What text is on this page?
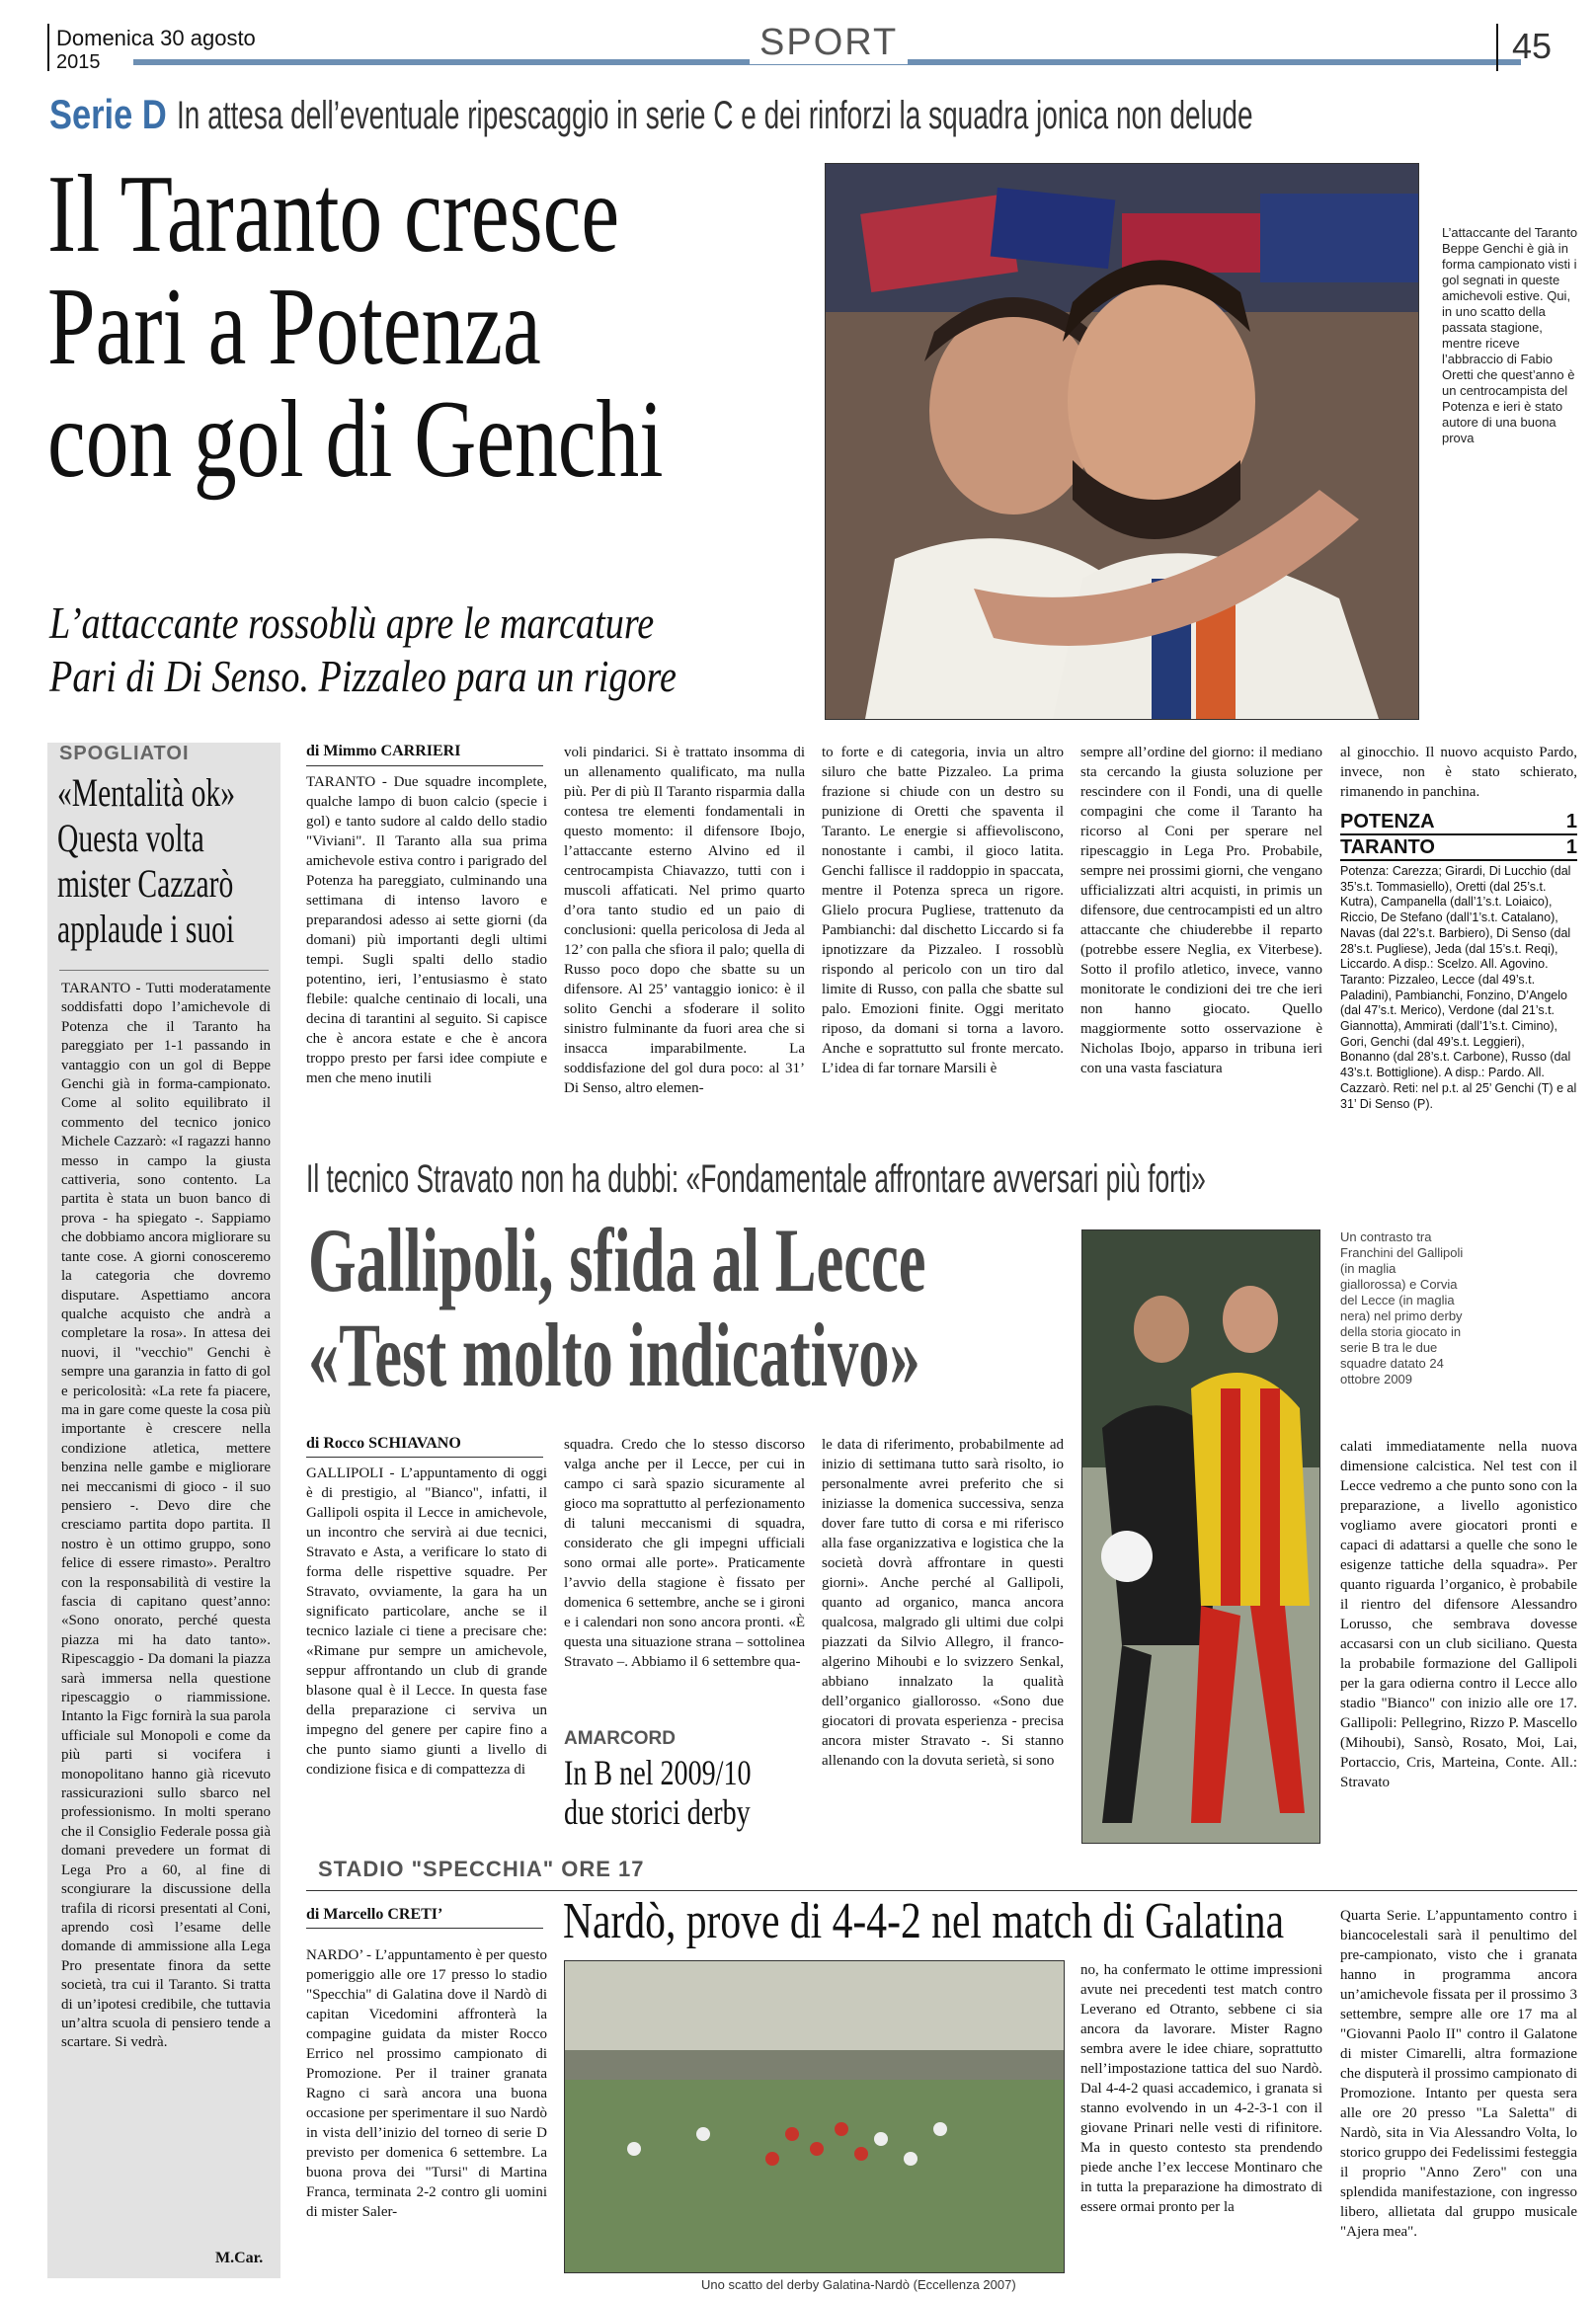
Domenica 30 agosto
2015	SPORT	45
Serie D In attesa dell’eventuale ripescaggio in serie C e dei rinforzi la squadra jonica non delude
Il Taranto cresce
Pari a Potenza
con gol di Genchi
L’attaccante rossoblù apre le marcature
Pari di Di Senso. Pizzaleo para un rigore
L’attaccante del Taranto Beppe Genchi è già in forma campionato visti i gol segnati in queste amichevoli estive. Qui, in uno scatto della passata stagione, mentre riceve l’abbraccio di Fabio Oretti che quest’anno è un centrocampista del Potenza e ieri è stato autore di una buona prova
SPOGLIATOI
«Mentalità ok»
Questa volta
mister Cazzarò
applaude i suoi
TARANTO - Tutti moderatamente soddisfatti dopo l’amichevole di Potenza che il Taranto ha pareggiato per 1-1 passando in vantaggio con un gol di Beppe Genchi già in forma-campionato. Come al solito equilibrato il commento del tecnico jonico Michele Cazzarò: «I ragazzi hanno messo in campo la giusta cattiveria, sono contento. La partita è stata un buon banco di prova - ha spiegato -. Sappiamo che dobbiamo ancora migliorare su tante cose. A giorni conosceremo la categoria che dovremo disputare. Aspettiamo ancora qualche acquisto che andrà a completare la rosa». In attesa dei nuovi, il "vecchio" Genchi è sempre una garanzia in fatto di gol e pericolosità: «La rete fa piacere, ma in gare come queste la cosa più importante è crescere nella condizione atletica, mettere benzina nelle gambe e migliorare nei meccanismi di gioco - il suo pensiero -. Devo dire che cresciamo partita dopo partita. Il nostro è un ottimo gruppo, sono felice di essere rimasto». Peraltro con la responsabilità di vestire la fascia di capitano quest’anno: «Sono onorato, perché questa piazza mi ha dato tanto». Ripescaggio - Da domani la piazza sarà immersa nella questione ripescaggio o riammissione. Intanto la Figc fornirà la sua parola ufficiale sul Monopoli e come da più parti si vocifera i monopolitano hanno già ricevuto rassicurazioni sullo sbarco nel professionismo. In molti sperano che il Consiglio Federale possa già domani prevedere un format di Lega Pro a 60, al fine di scongiurare la discussione della trafila di ricorsi presentati al Coni, aprendo così l’esame delle domande di ammissione alla Lega Pro presentate finora da sette società, tra cui il Taranto. Si tratta di un’ipotesi credibile, che tuttavia un’altra scuola di pensiero tende a scartare. Si vedrà.
M.Car.
di Mimmo CARRIERI
TARANTO - Due squadre incomplete, qualche lampo di buon calcio (specie i gol) e tanto sudore al caldo dello stadio "Viviani". Il Taranto alla sua prima amichevole estiva contro i parigrado del Potenza ha pareggiato, culminando una settimana di intenso lavoro e preparandosi adesso ai sette giorni (da domani) più importanti degli ultimi tempi. Sugli spalti dello stadio potentino, ieri, l’entusiasmo è stato flebile: qualche centinaio di locali, una decina di tarantini al seguito. Si capisce che è ancora estate e che è ancora troppo presto per farsi idee compiute e men che meno inutili
voli pindarici. Si è trattato insomma di un allenamento qualificato, ma nulla più. Per di più Il Taranto risparmia dalla contesa tre elementi fondamentali in questo momento: il difensore Ibojo, l’attaccante esterno Alvino ed il centrocampista Chiavazzo, tutti con i muscoli affaticati. Nel primo quarto d’ora tanto studio ed un paio di conclusioni: quella pericolosa di Jeda al 12’ con palla che sfiora il palo; quella di Russo poco dopo che sbatte su un difensore. Al 25’ vantaggio ionico: è il solito Genchi a sfoderare il solito sinistro fulminante da fuori area che si insacca imparabilmente. La soddisfazione del gol dura poco: al 31’ Di Senso, altro elemen-
to forte e di categoria, invia un altro siluro che batte Pizzaleo. La prima frazione si chiude con un destro su punizione di Oretti che spaventa il Taranto. Le energie si affievoliscono, nonostante i cambi, il gioco latita. Genchi fallisce il raddoppio in spaccata, mentre il Potenza spreca un rigore. Glielo procura Pugliese, trattenuto da Pambianchi: dal dischetto Liccardo si fa ipnotizzare da Pizzaleo. I rossoblù rispondo al pericolo con un tiro dal limite di Russo, con palla che sbatte sul palo. Emozioni finite. Oggi meritato riposo, da domani si torna a lavoro. Anche e soprattutto sul fronte mercato. L’idea di far tornare Marsili è
sempre all’ordine del giorno: il mediano sta cercando la giusta soluzione per rescindere con il Fondi, una di quelle compagini che come il Taranto ha ricorso al Coni per sperare nel ripescaggio in Lega Pro. Probabile, sempre nei prossimi giorni, che vengano ufficializzati altri acquisti, in primis un difensore, due centrocampisti ed un altro attaccante che chiuderebbe il reparto (potrebbe essere Neglia, ex Viterbese). Sotto il profilo atletico, invece, vanno monitorate le condizioni dei tre che ieri non hanno giocato. Quello maggiormente sotto osservazione è Nicholas Ibojo, apparso in tribuna ieri con una vasta fasciatura
al ginocchio. Il nuovo acquisto Pardo, invece, non è stato schierato, rimanendo in panchina.
POTENZA	1
TARANTO	1
Potenza: Carezza; Girardi, Di Lucchio (dal 35’s.t. Tommasiello), Oretti (dal 25’s.t. Kutra), Campanella (dall’1’s.t. Loiaico), Riccio, De Stefano (dall’1’s.t. Catalano), Navas (dal 22’s.t. Barbiero), Di Senso (dal 28’s.t. Pugliese), Jeda (dal 15’s.t. Reqi), Liccardo. A disp.: Scelzo. All. Agovino. Taranto: Pizzaleo, Lecce (dal 49’s.t. Paladini), Pambianchi, Fonzino, D’Angelo (dal 47’s.t. Merico), Verdone (dal 21’s.t. Giannotta), Ammirati (dall’1’s.t. Cimino), Gori, Genchi (dal 49’s.t. Leggieri), Bonanno (dal 28’s.t. Carbone), Russo (dal 43’s.t. Bottiglione). A disp.: Pardo. All. Cazzarò. Reti: nel p.t. al 25’ Genchi (T) e al 31’ Di Senso (P).
Il tecnico Stravato non ha dubbi: «Fondamentale affrontare avversari più forti»
Gallipoli, sfida al Lecce
«Test molto indicativo»
Un contrasto tra Franchini del Gallipoli (in maglia giallorossa) e Corvia del Lecce (in maglia nera) nel primo derby della storia giocato in serie B tra le due squadre datato 24 ottobre 2009
di Rocco SCHIAVANO
GALLIPOLI - L’appuntamento di oggi è di prestigio, al "Bianco", infatti, il Gallipoli ospita il Lecce in amichevole, un incontro che servirà ai due tecnici, Stravato e Asta, a verificare lo stato di forma delle rispettive squadre. Per Stravato, ovviamente, la gara ha un significato particolare, anche se il tecnico laziale ci tiene a precisare che: «Rimane pur sempre un amichevole, seppur affrontando un club di grande blasone qual è il Lecce. In questa fase della preparazione ci serviva un impegno del genere per capire fino a che punto siamo giunti a livello di condizione fisica e di compattezza di
squadra. Credo che lo stesso discorso valga anche per il Lecce, per cui in campo ci sarà spazio sicuramente al gioco ma soprattutto al perfezionamento di taluni meccanismi di squadra, considerato che gli impegni ufficiali sono ormai alle porte». Praticamente l’avvio della stagione è fissato per domenica 6 settembre, anche se i gironi e i calendari non sono ancora pronti. «È questa una situazione strana – sottolinea Stravato –. Abbiamo il 6 settembre qua-
le data di riferimento, probabilmente ad inizio di settimana tutto sarà risolto, io personalmente avrei preferito che si iniziasse la domenica successiva, senza dover fare tutto di corsa e mi riferisco alla fase organizzativa e logistica che la società dovrà affrontare in questi giorni». Anche perché al Gallipoli, quanto ad organico, manca ancora qualcosa, malgrado gli ultimi due colpi piazzati da Silvio Allegro, il franco-algerino Mihoubi e lo svizzero Senkal, abbiano innalzato la qualità dell’organico giallorosso. «Sono due giocatori di provata esperienza - precisa ancora mister Stravato -. Si stanno allenando con la dovuta serietà, si sono
calati immediatamente nella nuova dimensione calcistica. Nel test con il Lecce vedremo a che punto sono con la preparazione, a livello agonistico vogliamo avere giocatori pronti e capaci di adattarsi a quelle che sono le esigenze tattiche della squadra». Per quanto riguarda l’organico, è probabile il rientro del difensore Alessandro Lorusso, che sembrava dovesse accasarsi con un club siciliano. Questa la probabile formazione del Gallipoli per la gara odierna contro il Lecce allo stadio "Bianco" con inizio alle ore 17. Gallipoli: Pellegrino, Rizzo P. Mascello (Mihoubi), Sansò, Rosato, Moi, Lai, Portaccio, Cris, Marteina, Conte. All.: Stravato
AMARCORD
In B nel 2009/10
due storici derby
STADIO "SPECCHIA" ORE 17
Nardò, prove di 4-4-2 nel match di Galatina
di Marcello CRETI’
NARDO’ - L’appuntamento è per questo pomeriggio alle ore 17 presso lo stadio "Specchia" di Galatina dove il Nardò di capitan Vicedomini affronterà la compagine guidata da mister Rocco Errico nel prossimo campionato di Promozione. Per il trainer granata Ragno ci sarà ancora una buona occasione per sperimentare il suo Nardò in vista dell’inizio del torneo di serie D previsto per domenica 6 settembre. La buona prova dei "Tursi" di Martina Franca, terminata 2-2 contro gli uomini di mister Saler-
Uno scatto del derby Galatina-Nardò (Eccellenza 2007)
no, ha confermato le ottime impressioni avute nei precedenti test match contro Leverano ed Otranto, sebbene ci sia ancora da lavorare. Mister Ragno sembra avere le idee chiare, soprattutto nell’impostazione tattica del suo Nardò. Dal 4-4-2 quasi accademico, i granata si stanno evolvendo in un 4-2-3-1 con il giovane Prinari nelle vesti di rifinitore. Ma in questo contesto sta prendendo piede anche l’ex leccese Montinaro che in tutta la preparazione ha dimostrato di essere ormai pronto per la
Quarta Serie. L’appuntamento contro i biancocelestali sarà il penultimo del pre-campionato, visto che i granata hanno in programma ancora un’amichevole fissata per il prossimo 3 settembre, sempre alle ore 17 ma al "Giovanni Paolo II" contro il Galatone di mister Cimarelli, altra formazione che disputerà il prossimo campionato di Promozione. Intanto per questa sera alle ore 20 presso "La Saletta" di Nardò, sita in Via Alessandro Volta, lo storico gruppo dei Fedelissimi festeggia il proprio "Anno Zero" con una splendida manifestazione, con ingresso libero, allietata dal gruppo musicale "Ajera mea".
